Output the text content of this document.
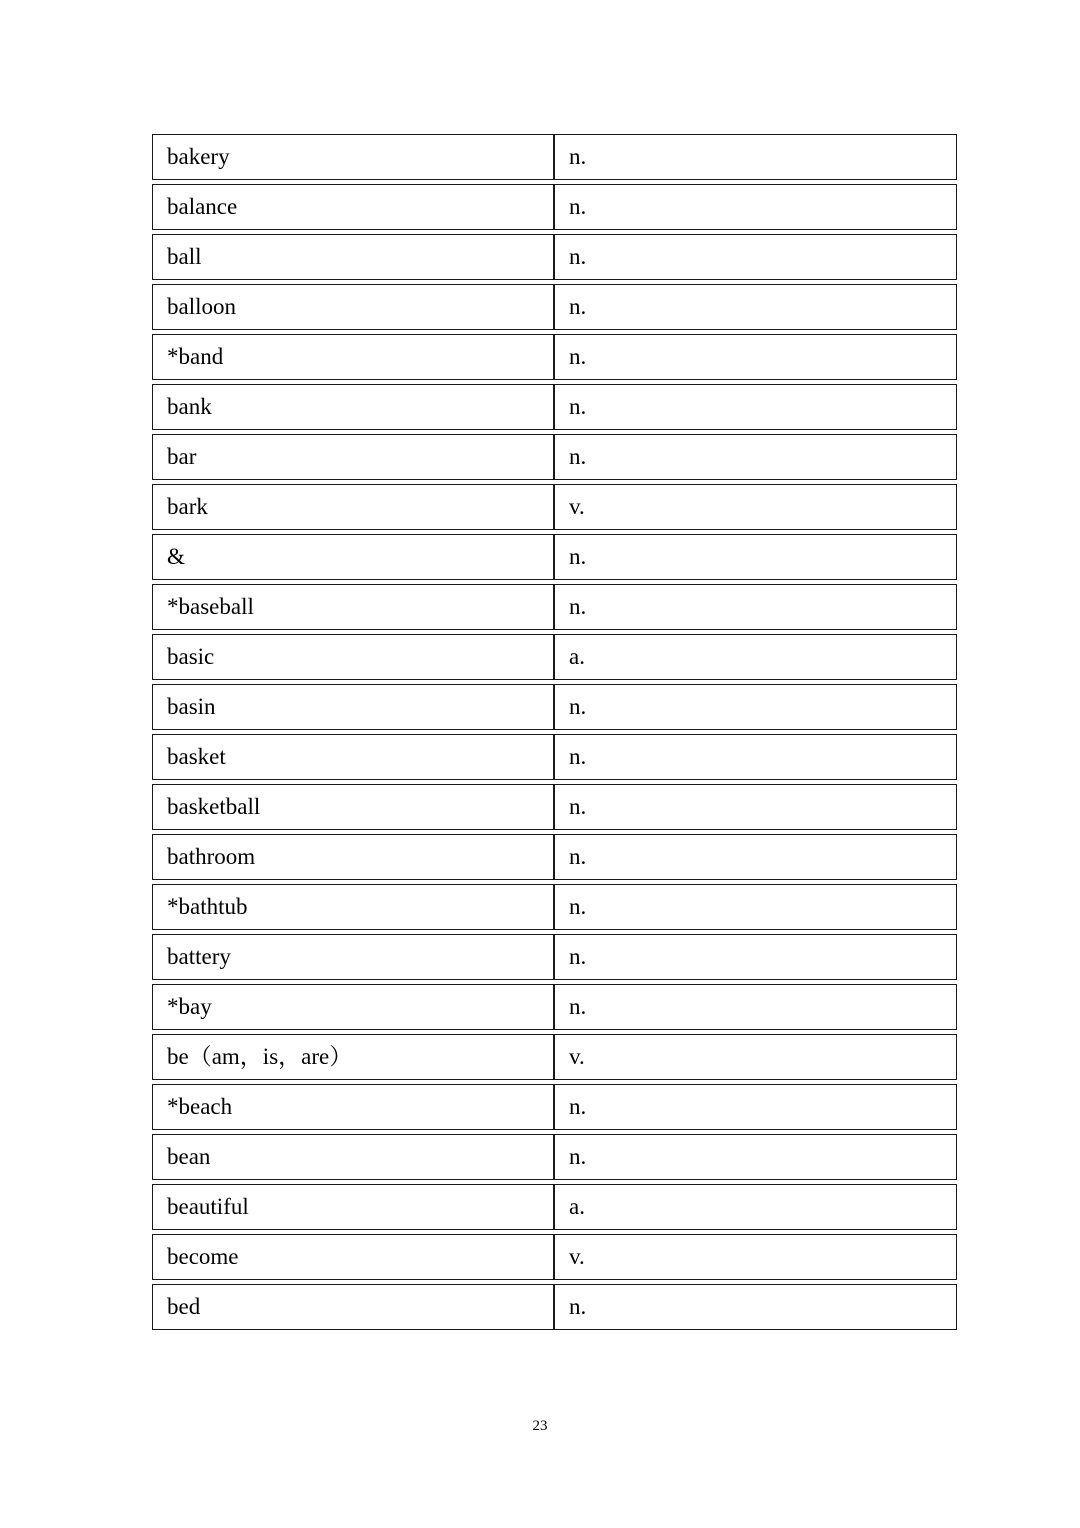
bakery	n.
balance	n.
ball	n.
balloon	n.
*band	n.
bank	n.
bar	n.
bark	v.
&	n.
*baseball	n.
basic	a.
basin	n.
basket	n.
basketball	n.
bathroom	n.
*bathtub	n.
battery	n.
*bay	n.
be（am，is，are）	v.
*beach	n.
bean	n.
beautiful	a.
become	v.
bed	n.
23
